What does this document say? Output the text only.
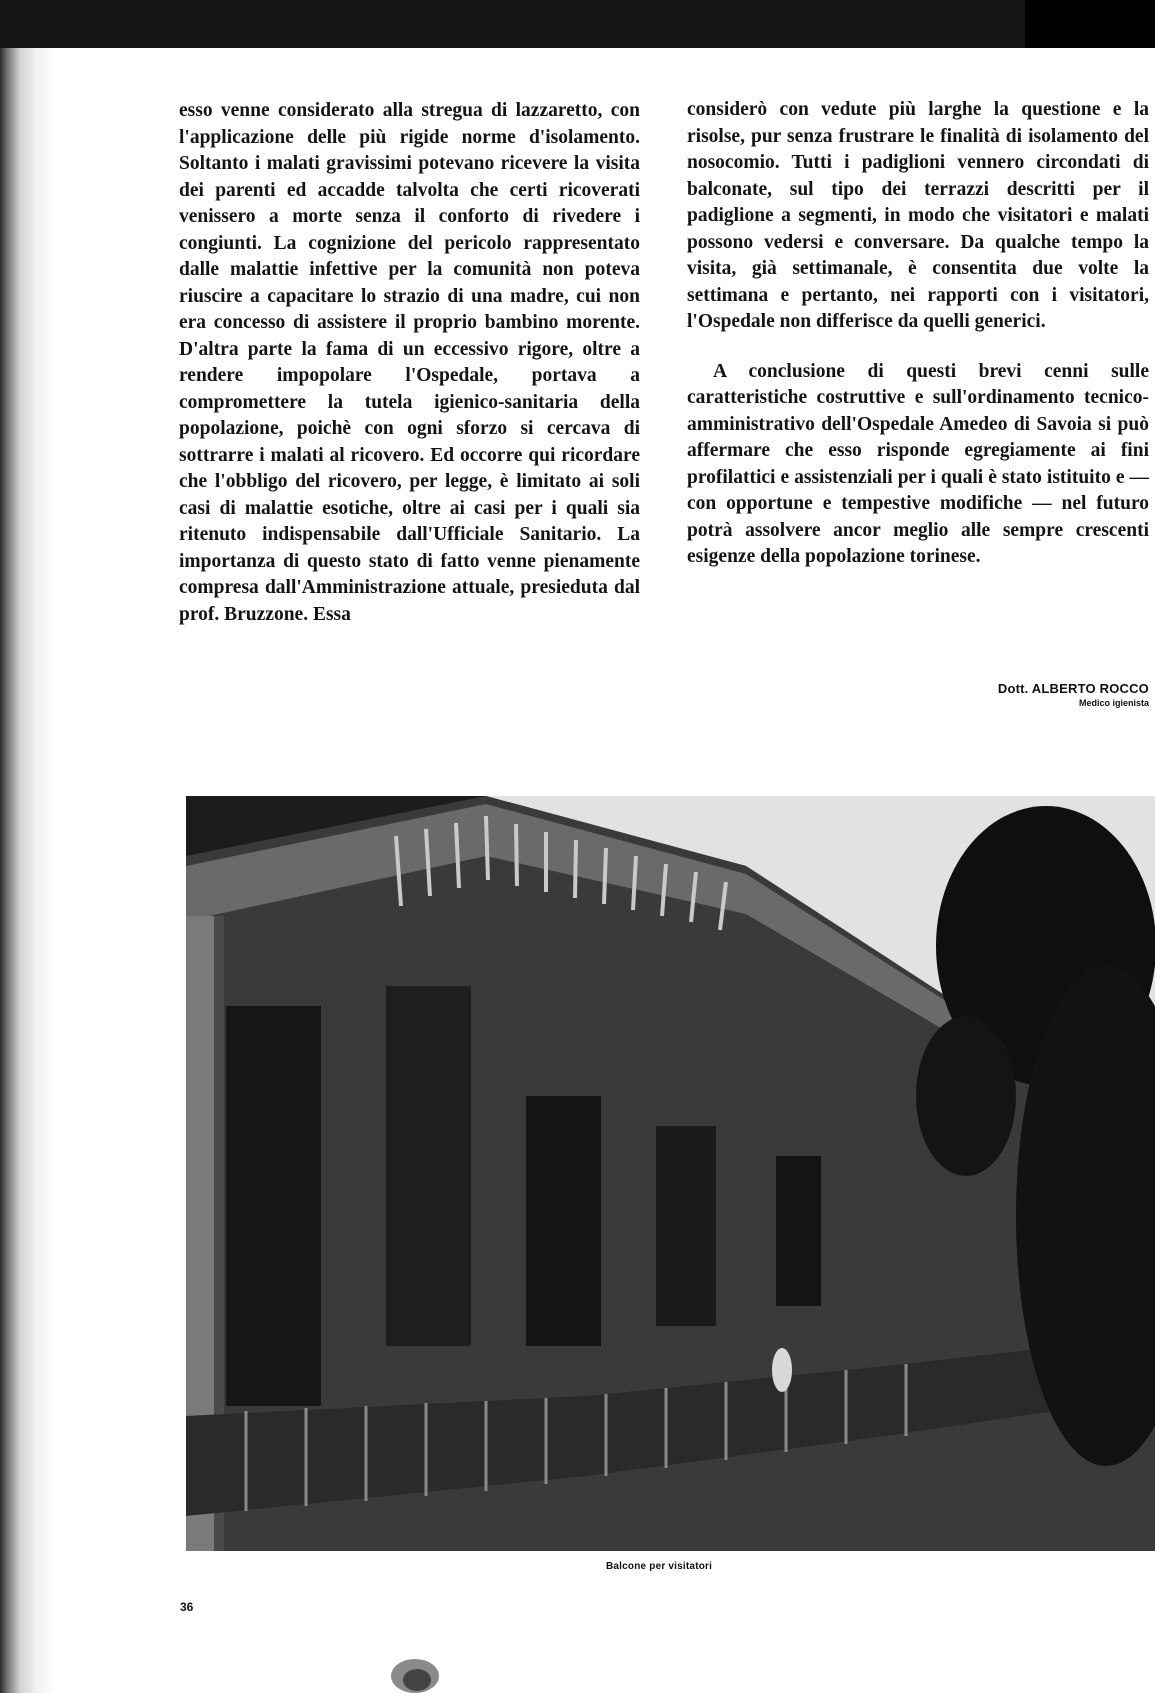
esso venne considerato alla stregua di lazzaretto, con l'applicazione delle più rigide norme d'isolamento. Soltanto i malati gravissimi potevano ricevere la visita dei parenti ed accadde talvolta che certi ricoverati venissero a morte senza il conforto di rivedere i congiunti. La cognizione del pericolo rappresentato dalle malattie infettive per la comunità non poteva riuscire a capacitare lo strazio di una madre, cui non era concesso di assistere il proprio bambino morente. D'altra parte la fama di un eccessivo rigore, oltre a rendere impopolare l'Ospedale, portava a compromettere la tutela igienico-sanitaria della popolazione, poichè con ogni sforzo si cercava di sottrarre i malati al ricovero. Ed occorre qui ricordare che l'obbligo del ricovero, per legge, è limitato ai soli casi di malattie esotiche, oltre ai casi per i quali sia ritenuto indispensabile dall'Ufficiale Sanitario. La importanza di questo stato di fatto venne pienamente compresa dall'Amministrazione attuale, presieduta dal prof. Bruzzone. Essa

considerò con vedute più larghe la questione e la risolse, pur senza frustrare le finalità di isolamento del nosocomio. Tutti i padiglioni vennero circondati di balconate, sul tipo dei terrazzi descritti per il padiglione a segmenti, in modo che visitatori e malati possono vedersi e conversare. Da qualche tempo la visita, già settimanale, è consentita due volte la settimana e pertanto, nei rapporti con i visitatori, l'Ospedale non differisce da quelli generici.

A conclusione di questi brevi cenni sulle caratteristiche costruttive e sull'ordinamento tecnico-amministrativo dell'Ospedale Amedeo di Savoia si può affermare che esso risponde egregiamente ai fini profilattici e assistenziali per i quali è stato istituito e — con opportune e tempestive modifiche — nel futuro potrà assolvere ancor meglio alle sempre crescenti esigenze della popolazione torinese.

Dott. ALBERTO ROCCO
Medico igienista
Balcone per visitatori
36
